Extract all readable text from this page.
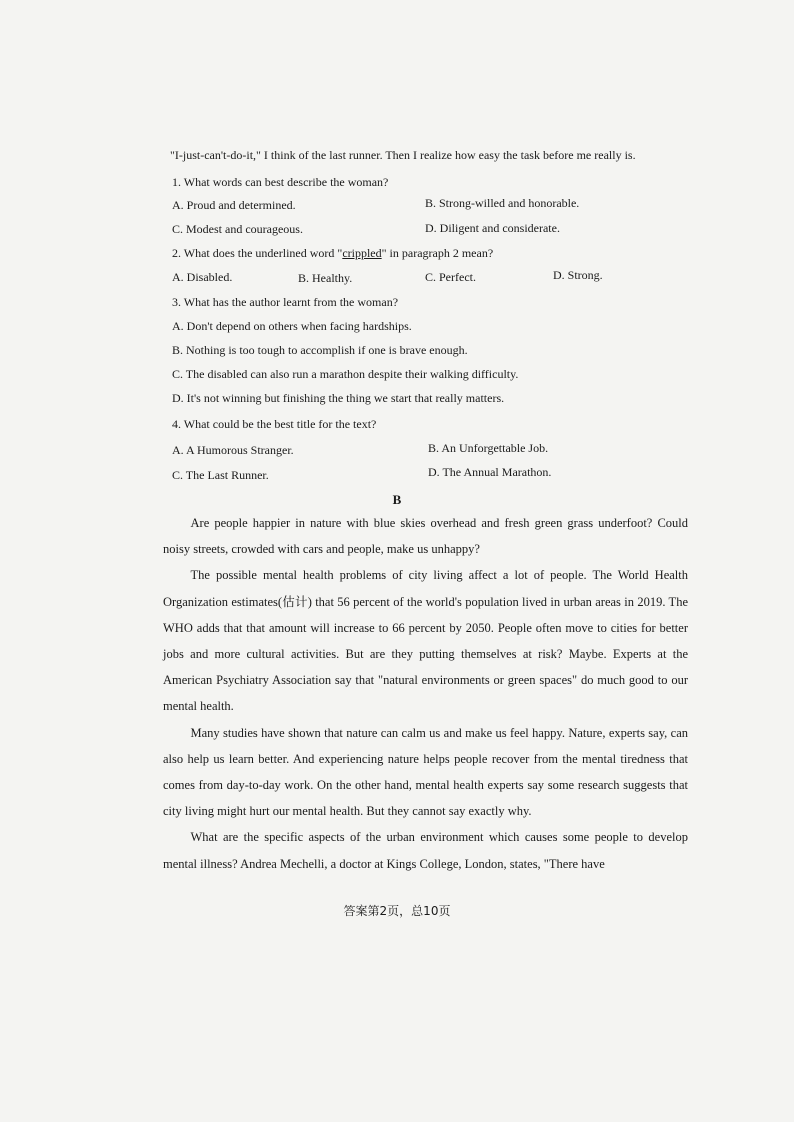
"I-just-can't-do-it," I think of the last runner. Then I realize how easy the task before me really is.
1. What words can best describe the woman?
A. Proud and determined.	B. Strong-willed and honorable.
C. Modest and courageous.	D. Diligent and considerate.
2. What does the underlined word "crippled" in paragraph 2 mean?
A. Disabled.	B. Healthy.	C. Perfect.	D. Strong.
3. What has the author learnt from the woman?
A. Don't depend on others when facing hardships.
B. Nothing is too tough to accomplish if one is brave enough.
C. The disabled can also run a marathon despite their walking difficulty.
D. It's not winning but finishing the thing we start that really matters.
4. What could be the best title for the text?
A. A Humorous Stranger.	B. An Unforgettable Job.
C. The Last Runner.	D. The Annual Marathon.
B

Are people happier in nature with blue skies overhead and fresh green grass underfoot? Could noisy streets, crowded with cars and people, make us unhappy?

The possible mental health problems of city living affect a lot of people. The World Health Organization estimates(估计) that 56 percent of the world's population lived in urban areas in 2019. The WHO adds that that amount will increase to 66 percent by 2050. People often move to cities for better jobs and more cultural activities. But are they putting themselves at risk? Maybe. Experts at the American Psychiatry Association say that "natural environments or green spaces" do much good to our mental health.

Many studies have shown that nature can calm us and make us feel happy. Nature, experts say, can also help us learn better. And experiencing nature helps people recover from the mental tiredness that comes from day-to-day work. On the other hand, mental health experts say some research suggests that city living might hurt our mental health. But they cannot say exactly why.

What are the specific aspects of the urban environment which causes some people to develop mental illness? Andrea Mechelli, a doctor at Kings College, London, states, "There have

答案第2页，总10页
